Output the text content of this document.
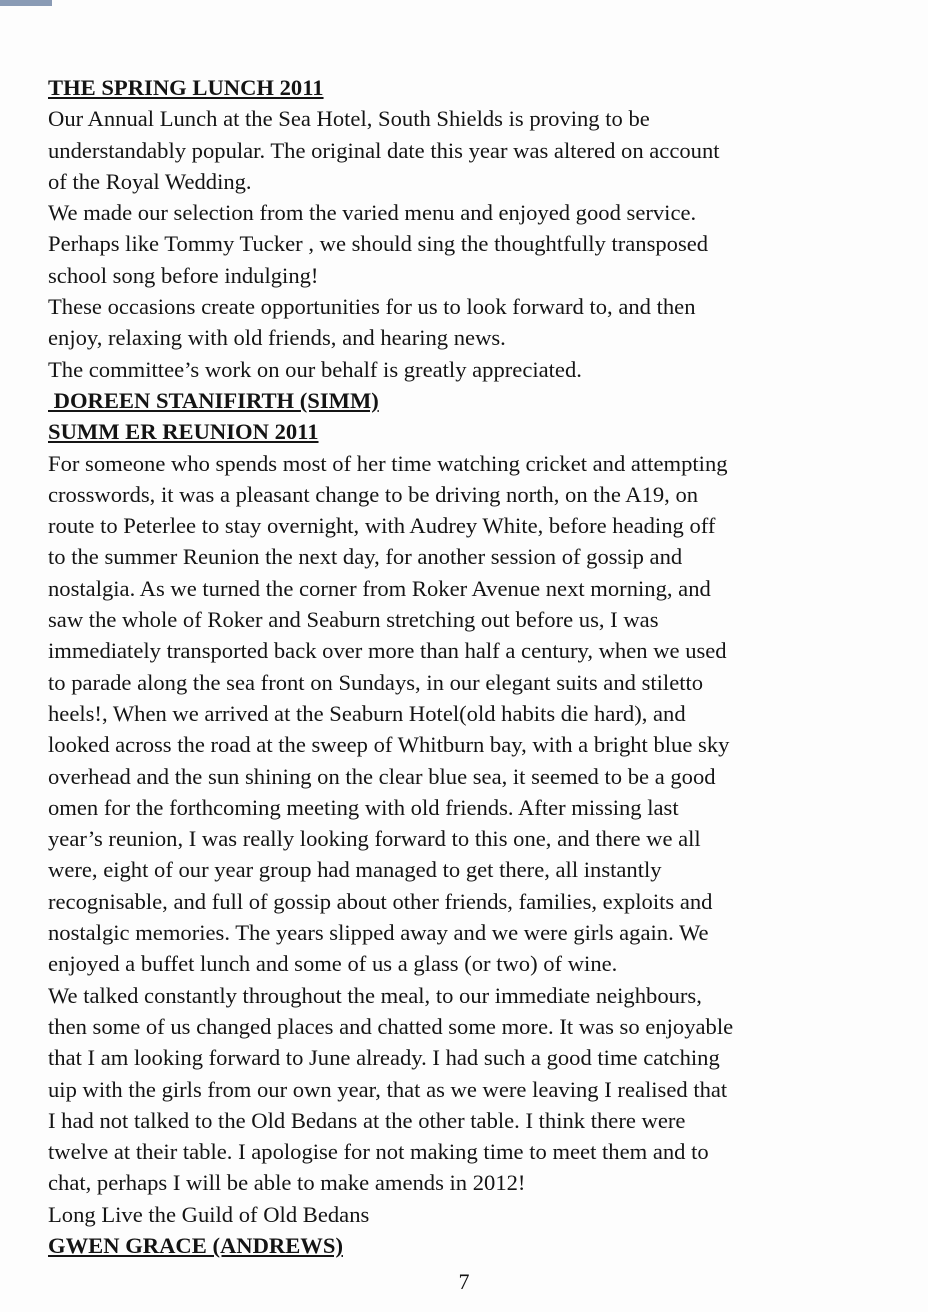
THE SPRING LUNCH 2011
Our Annual Lunch at the Sea Hotel, South Shields is proving to be
understandably popular. The original date this year was altered on account
of the Royal Wedding.
We made our selection from the varied menu and enjoyed good service.
Perhaps like Tommy Tucker , we should sing the thoughtfully transposed
school song before indulging!
These occasions create opportunities for us to look forward to, and then
enjoy, relaxing with old friends, and hearing news.
The committee’s work on our behalf is greatly appreciated.
DOREEN STANIFIRTH (SIMM)
SUMM ER REUNION 2011
For someone who spends most of her time watching cricket and attempting
crosswords, it was a pleasant change to be driving north, on the A19, on
route to Peterlee to stay overnight, with Audrey White, before heading off
to the summer Reunion the next day, for another session of gossip and
nostalgia. As we turned the corner from Roker Avenue next morning, and
saw the whole of Roker and Seaburn stretching out before us, I was
immediately transported back over more than half a century, when we used
to parade along the sea front on Sundays, in our elegant suits and stiletto
heels!, When we arrived at the Seaburn Hotel(old habits die hard), and
looked across the road at the sweep of Whitburn bay, with a bright blue sky
overhead and the sun shining on the clear blue sea, it seemed to be a good
omen for the forthcoming meeting with old friends. After missing last
year’s reunion, I was really looking forward to this one, and there we all
were, eight of our year group had managed to get there, all instantly
recognisable, and full of gossip about other friends, families, exploits and
nostalgic memories. The years slipped away and we were girls again. We
enjoyed a buffet lunch and some of us a glass (or two) of wine.
We talked constantly throughout the meal, to our immediate neighbours,
then some of us changed places and chatted some more. It was so enjoyable
that I am looking forward to June already. I had such a good time catching
uip with the girls from our own year, that as we were leaving I realised that
I had not talked to the Old Bedans at the other table. I think there were
twelve at their table. I apologise for not making time to meet them and to
chat, perhaps I will be able to make amends in 2012!
Long Live the Guild of Old Bedans
GWEN GRACE (ANDREWS)
7
